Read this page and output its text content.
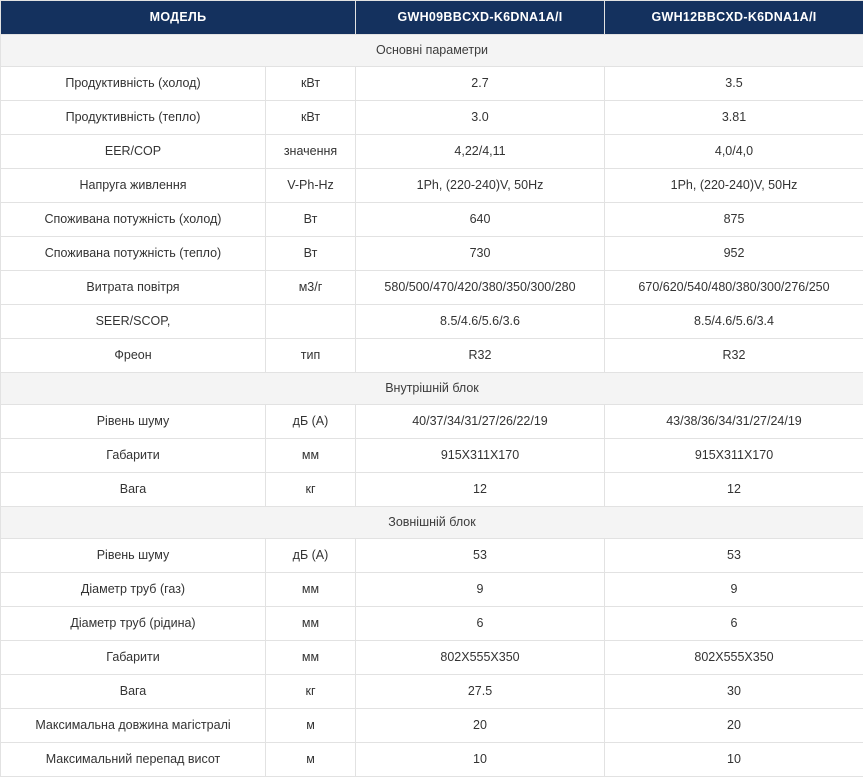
МОДЕЛЬ		GWH09BBCXD-K6DNA1A/I	GWH12BBCXD-K6DNA1A/I
Основні параметри			
Продуктивність (холод)	кВт	2.7	3.5
Продуктивність (тепло)	кВт	3.0	3.81
EER/COP	значення	4,22/4,11	4,0/4,0
Напруга живлення	V-Ph-Hz	1Ph, (220-240)V, 50Hz	1Ph, (220-240)V, 50Hz
Споживана потужність (холод)	Вт	640	875
Споживана потужність (тепло)	Вт	730	952
Витрата повітря	м3/г	580/500/470/420/380/350/300/280	670/620/540/480/380/300/276/250
SEER/SCOP,		8.5/4.6/5.6/3.6	8.5/4.6/5.6/3.4
Фреон	тип	R32	R32
Внутрішній блок			
Рівень шуму	дБ (А)	40/37/34/31/27/26/22/19	43/38/36/34/31/27/24/19
Габарити	мм	915X311X170	915X311X170
Вага	кг	12	12
Зовнішній блок			
Рівень шуму	дБ (А)	53	53
Діаметр труб (газ)	мм	9	9
Діаметр труб (рідина)	мм	6	6
Габарити	мм	802X555X350	802X555X350
Вага	кг	27.5	30
Максимальна довжина магістралі	м	20	20
Максимальний перепад висот	м	10	10
